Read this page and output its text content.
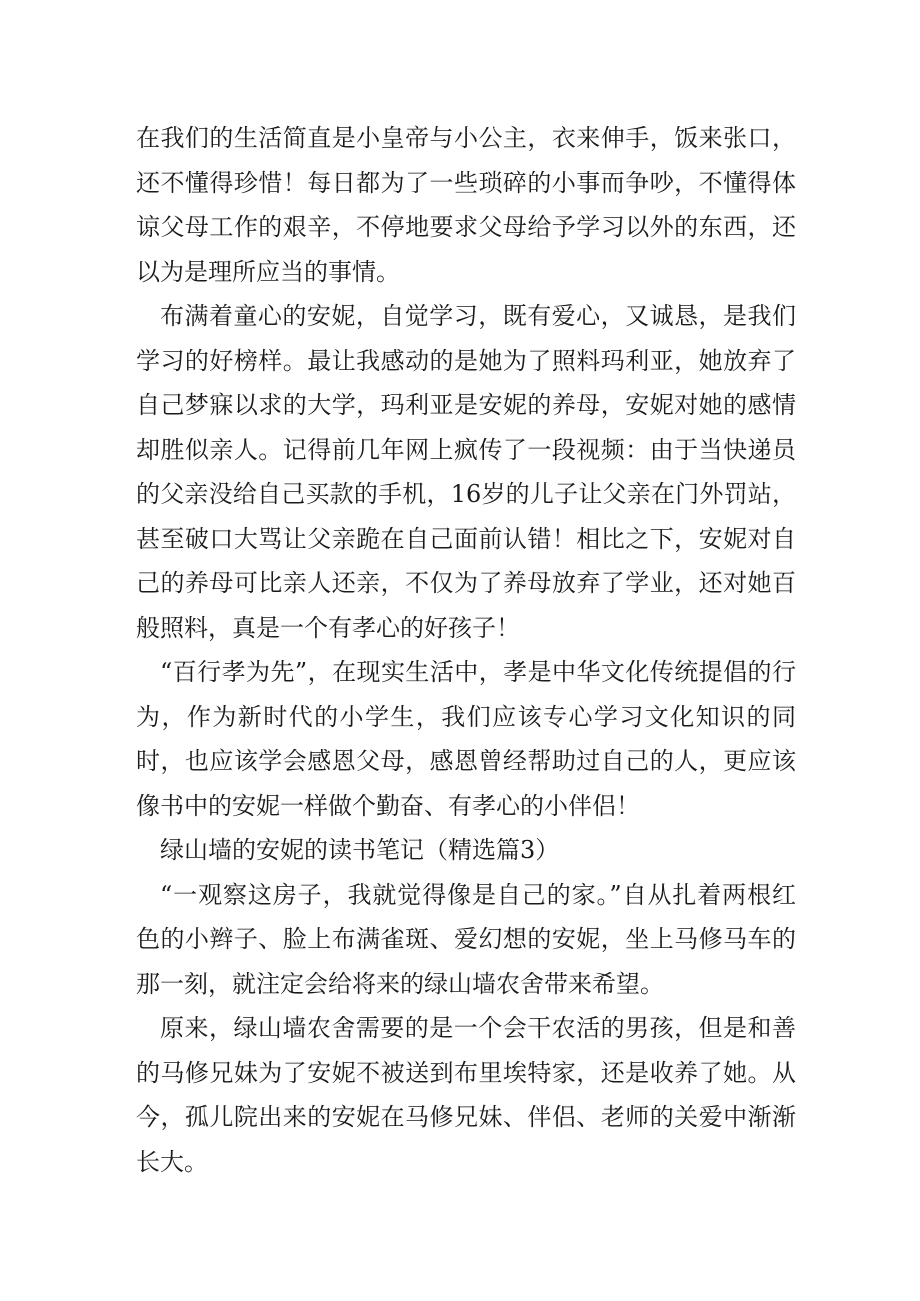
在我们的生活简直是小皇帝与小公主，衣来伸手，饭来张口，还不懂得珍惜！每日都为了一些琐碎的小事而争吵，不懂得体谅父母工作的艰辛，不停地要求父母给予学习以外的东西，还以为是理所应当的事情。

布满着童心的安妮，自觉学习，既有爱心，又诚恳，是我们学习的好榜样。最让我感动的是她为了照料玛利亚，她放弃了自己梦寐以求的大学，玛利亚是安妮的养母，安妮对她的感情却胜似亲人。记得前几年网上疯传了一段视频：由于当快递员的父亲没给自己买款的手机，16岁的儿子让父亲在门外罚站，甚至破口大骂让父亲跪在自己面前认错！相比之下，安妮对自己的养母可比亲人还亲，不仅为了养母放弃了学业，还对她百般照料，真是一个有孝心的好孩子！

“百行孝为先”，在现实生活中，孝是中华文化传统提倡的行为，作为新时代的小学生，我们应该专心学习文化知识的同时，也应该学会感恩父母，感恩曾经帮助过自己的人，更应该像书中的安妮一样做个勤奋、有孝心的小伴侣！

绿山墙的安妮的读书笔记（精选篇3）

“一观察这房子，我就觉得像是自己的家。”自从扎着两根红色的小辫子、脸上布满雀斑、爱幻想的安妮，坐上马修马车的那一刻，就注定会给将来的绿山墙农舍带来希望。

原来，绿山墙农舍需要的是一个会干农活的男孩，但是和善的马修兄妹为了安妮不被送到布里埃特家，还是收养了她。从今，孤儿院出来的安妮在马修兄妹、伴侣、老师的关爱中渐渐长大。
